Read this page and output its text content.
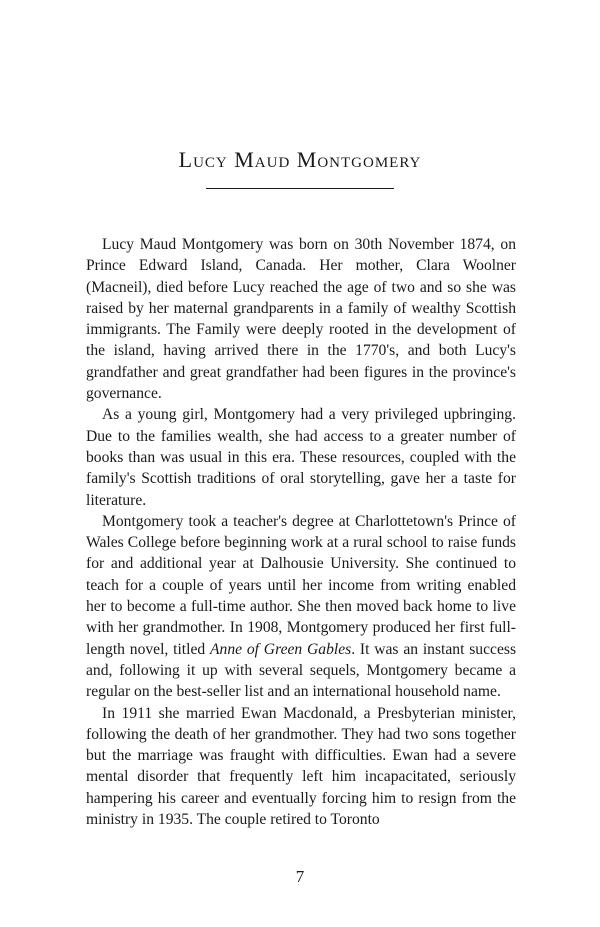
Lucy Maud Montgomery

Lucy Maud Montgomery was born on 30th November 1874, on Prince Edward Island, Canada. Her mother, Clara Woolner (Macneil), died before Lucy reached the age of two and so she was raised by her maternal grandparents in a family of wealthy Scottish immigrants. The Family were deeply rooted in the development of the island, having arrived there in the 1770's, and both Lucy's grandfather and great grandfather had been figures in the province's governance.

As a young girl, Montgomery had a very privileged upbringing. Due to the families wealth, she had access to a greater number of books than was usual in this era. These resources, coupled with the family's Scottish traditions of oral storytelling, gave her a taste for literature.

Montgomery took a teacher's degree at Charlottetown's Prince of Wales College before beginning work at a rural school to raise funds for and additional year at Dalhousie University. She continued to teach for a couple of years until her income from writing enabled her to become a full-time author. She then moved back home to live with her grandmother. In 1908, Montgomery produced her first full-length novel, titled Anne of Green Gables. It was an instant success and, following it up with several sequels, Montgomery became a regular on the best-seller list and an international household name.

In 1911 she married Ewan Macdonald, a Presbyterian minister, following the death of her grandmother. They had two sons together but the marriage was fraught with difficulties. Ewan had a severe mental disorder that frequently left him incapacitated, seriously hampering his career and eventually forcing him to resign from the ministry in 1935. The couple retired to Toronto

7
